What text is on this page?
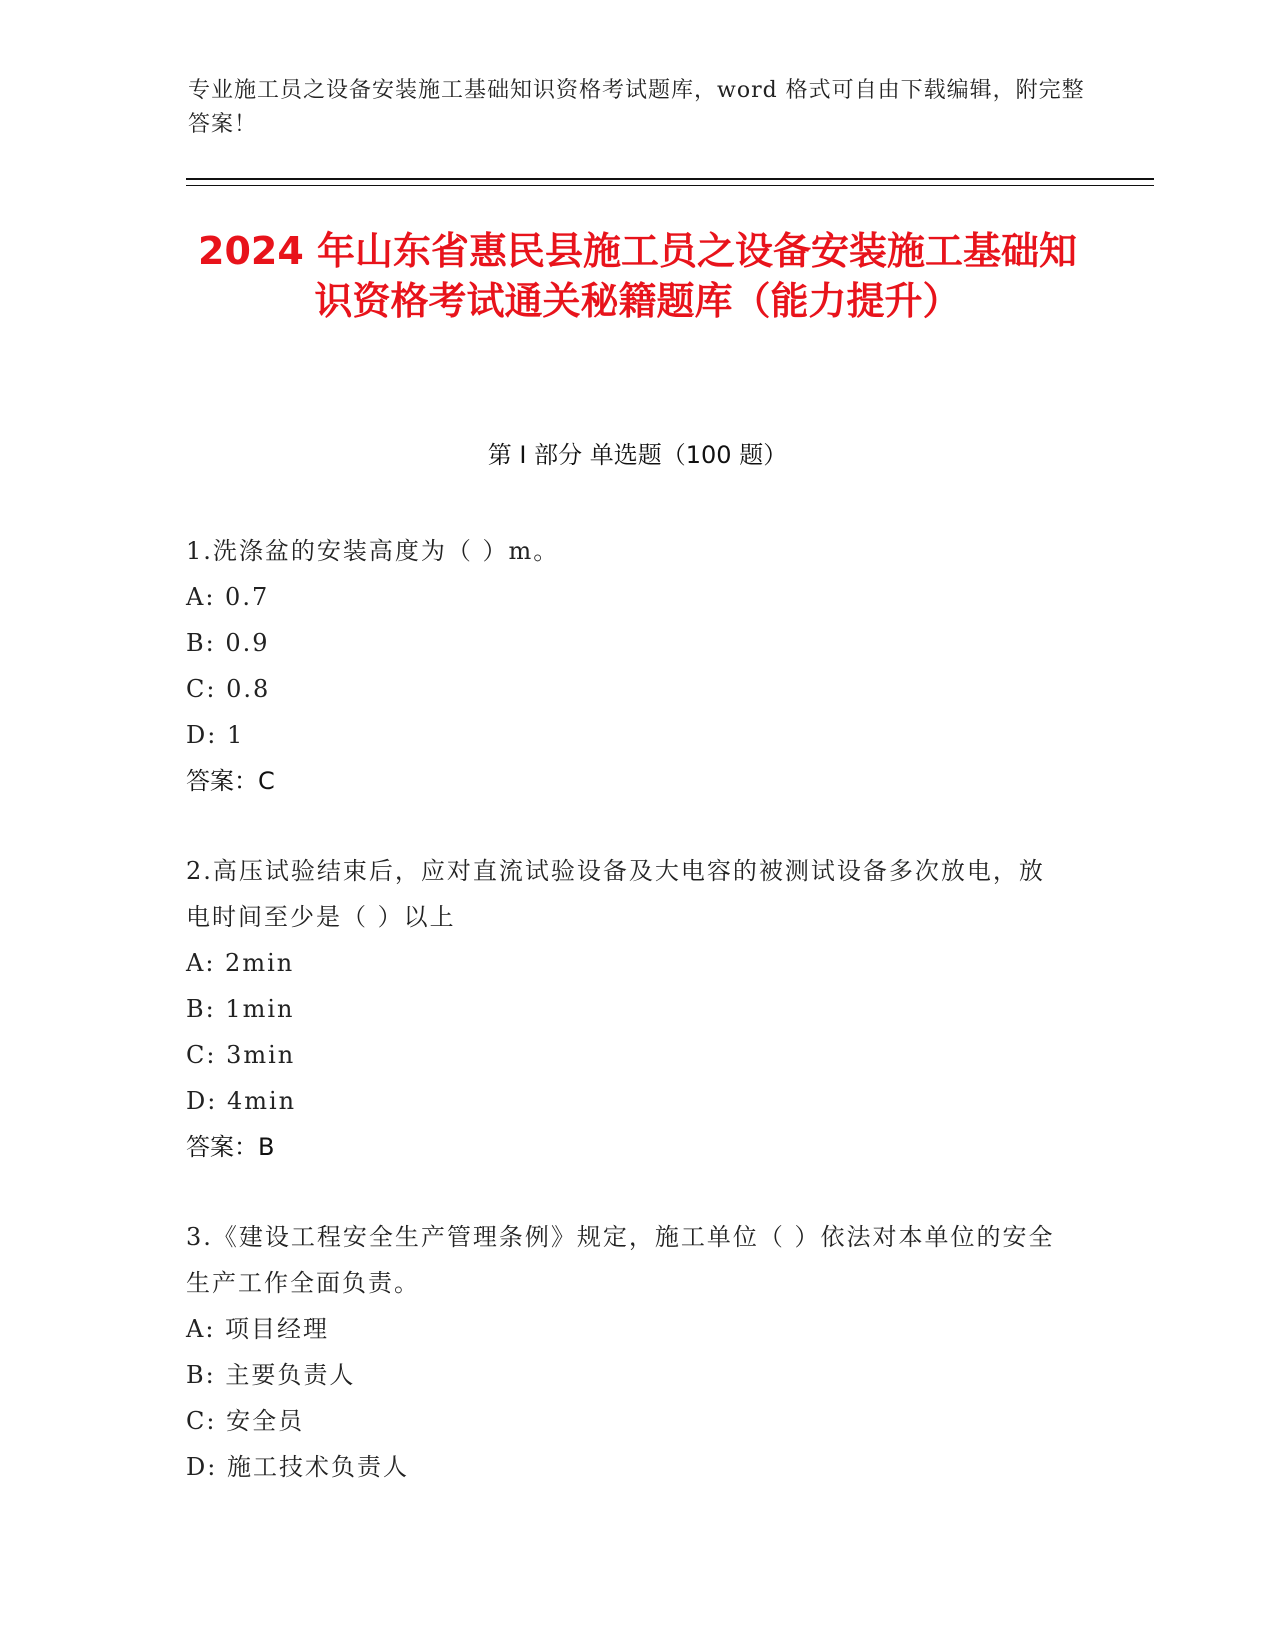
专业施工员之设备安装施工基础知识资格考试题库，word 格式可自由下载编辑，附完整答案！
2024 年山东省惠民县施工员之设备安装施工基础知识资格考试通关秘籍题库（能力提升）
第 I 部分 单选题（100 题）
1.洗涤盆的安装高度为（ ）m。
A: 0.7
B: 0.9
C: 0.8
D: 1
答案：C
2.高压试验结束后，应对直流试验设备及大电容的被测试设备多次放电，放电时间至少是（ ）以上
A: 2min
B: 1min
C: 3min
D: 4min
答案：B
3.《建设工程安全生产管理条例》规定，施工单位（ ）依法对本单位的安全生产工作全面负责。
A: 项目经理
B: 主要负责人
C: 安全员
D: 施工技术负责人
